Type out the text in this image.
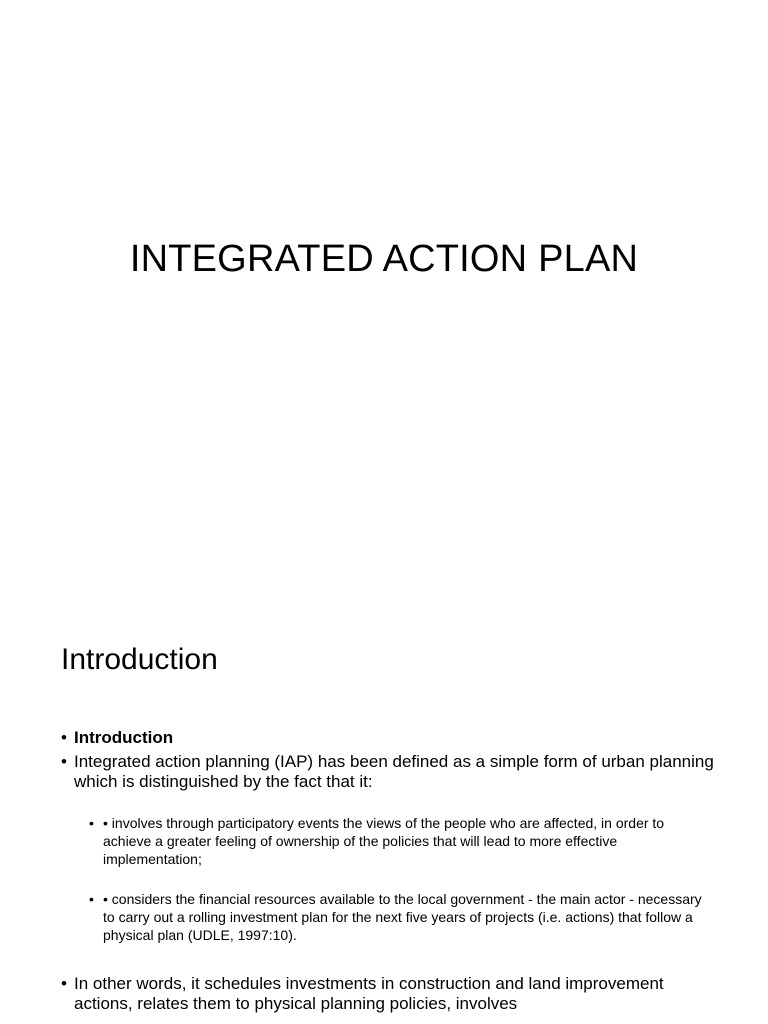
INTEGRATED ACTION PLAN
Introduction
• Introduction
• Integrated action planning (IAP) has been defined as a simple form of urban planning which is distinguished by the fact that it:
• • involves through participatory events the views of the people who are affected, in order to achieve a greater feeling of ownership of the policies that will lead to more effective implementation;
• • considers the financial resources available to the local government - the main actor - necessary to carry out a rolling investment plan for the next five years of projects (i.e. actions) that follow a physical plan (UDLE, 1997:10).
• In other words, it schedules investments in construction and land improvement actions, relates them to physical planning policies, involves
